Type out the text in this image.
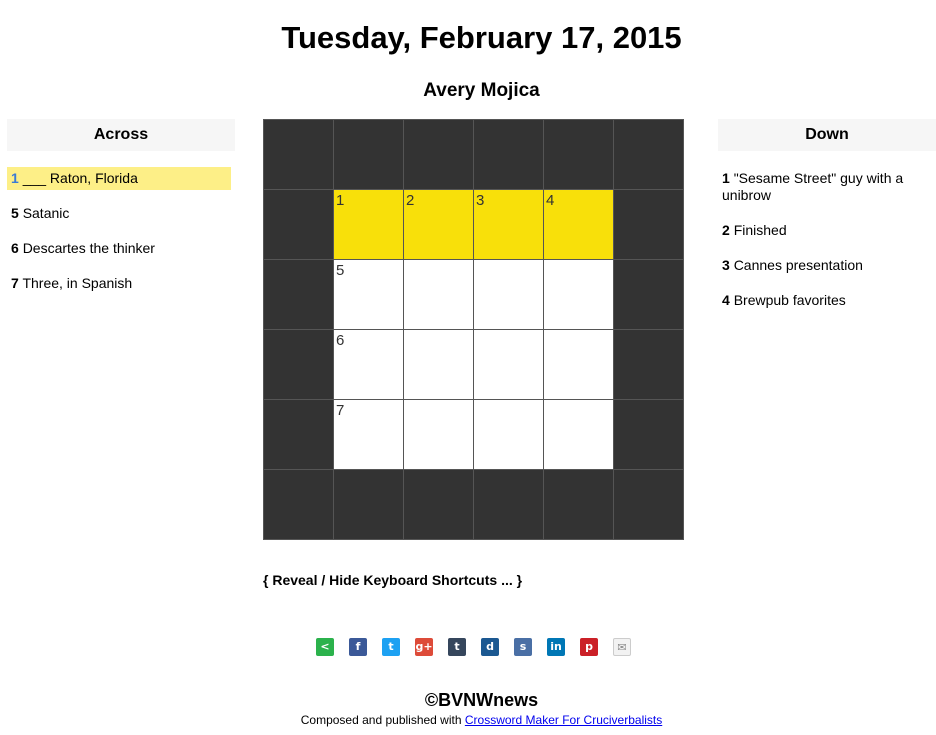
Tuesday, February 17, 2015
Avery Mojica
Across
1 ___ Raton, Florida
5 Satanic
6 Descartes the thinker
7 Three, in Spanish
Down
1 "Sesame Street" guy with a unibrow
2 Finished
3 Cannes presentation
4 Brewpub favorites
1	2	3	4
5
6
7
{ Reveal / Hide Keyboard Shortcuts ... }
<	f	t	g+	t	d	s	in	p	✉
©BVNWnews
Composed and published with Crossword Maker For Cruciverbalists
